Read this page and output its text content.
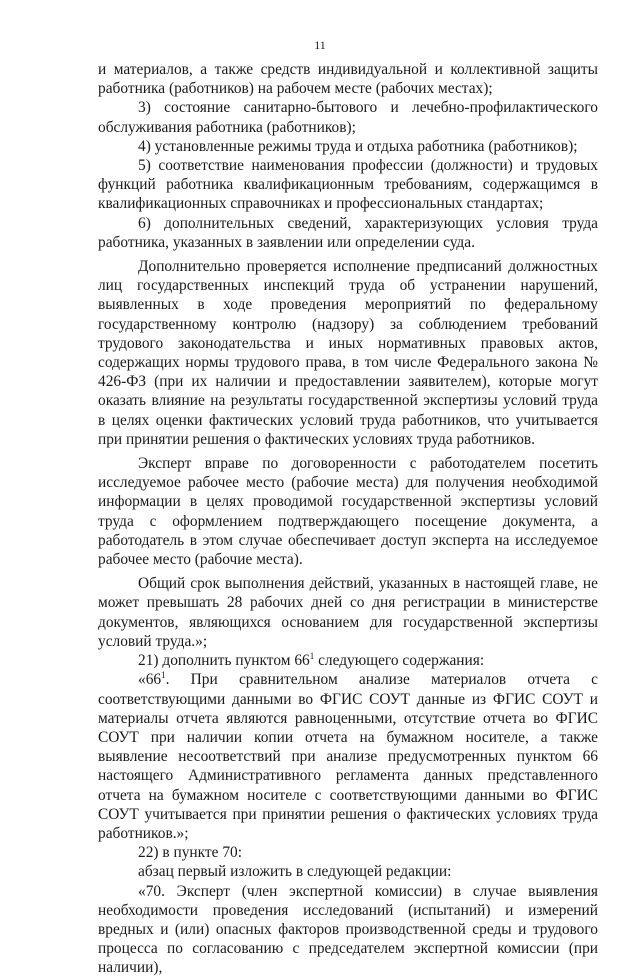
11

и материалов, а также средств индивидуальной и коллективной защиты работника (работников) на рабочем месте (рабочих местах);

3) состояние санитарно-бытового и лечебно-профилактического обслуживания работника (работников);

4) установленные режимы труда и отдыха работника (работников);

5) соответствие наименования профессии (должности) и трудовых функций работника квалификационным требованиям, содержащимся в квалификационных справочниках и профессиональных стандартах;

6) дополнительных сведений, характеризующих условия труда работника, указанных в заявлении или определении суда.

Дополнительно проверяется исполнение предписаний должностных лиц государственных инспекций труда об устранении нарушений, выявленных в ходе проведения мероприятий по федеральному государственному контролю (надзору) за соблюдением требований трудового законодательства и иных нормативных правовых актов, содержащих нормы трудового права, в том числе Федерального закона № 426-ФЗ (при их наличии и предоставлении заявителем), которые могут оказать влияние на результаты государственной экспертизы условий труда в целях оценки фактических условий труда работников, что учитывается при принятии решения о фактических условиях труда работников.

Эксперт вправе по договоренности с работодателем посетить исследуемое рабочее место (рабочие места) для получения необходимой информации в целях проводимой государственной экспертизы условий труда с оформлением подтверждающего посещение документа, а работодатель в этом случае обеспечивает доступ эксперта на исследуемое рабочее место (рабочие места).

Общий срок выполнения действий, указанных в настоящей главе, не может превышать 28 рабочих дней со дня регистрации в министерстве документов, являющихся основанием для государственной экспертизы условий труда.»;

21) дополнить пунктом $66^1$ следующего содержания:

«$66^1$. При сравнительном анализе материалов отчета с соответствующими данными во ФГИС СОУТ данные из ФГИС СОУТ и материалы отчета являются равноценными, отсутствие отчета во ФГИС СОУТ при наличии копии отчета на бумажном носителе, а также выявление несоответствий при анализе предусмотренных пунктом 66 настоящего Административного регламента данных представленного отчета на бумажном носителе с соответствующими данными во ФГИС СОУТ учитывается при принятии решения о фактических условиях труда работников.»;

22) в пункте 70:

абзац первый изложить в следующей редакции:

«70. Эксперт (член экспертной комиссии) в случае выявления необходимости проведения исследований (испытаний) и измерений вредных и (или) опасных факторов производственной среды и трудового процесса по согласованию с председателем экспертной комиссии (при наличии),
